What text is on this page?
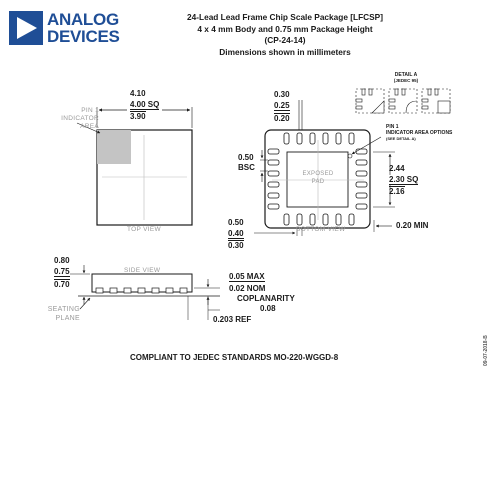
ANALOG
DEVICES
24-Lead Lead Frame Chip Scale Package [LFCSP]
4 x 4 mm Body and 0.75 mm Package Height
(CP-24-14)
Dimensions shown in millimeters
4.10
4.00 SQ
3.90
PIN 1
INDICATOR
AREA
TOP VIEW
0.30
0.25
0.20
0.50
BSC
EXPOSED
PAD
2.44
2.30 SQ
2.16
0.50
0.40
0.30
0.20 MIN
BOTTOM VIEW
PIN 1
INDICATOR AREA OPTIONS
(SEE DETAIL A)
DETAIL A
(JEDEC 95)
0.80
0.75
0.70
SIDE VIEW
0.05 MAX
0.02 NOM
COPLANARITY
0.08
0.203 REF
SEATING
PLANE
COMPLIANT TO JEDEC STANDARDS MO-220-WGGD-8	09-07-2018-B
